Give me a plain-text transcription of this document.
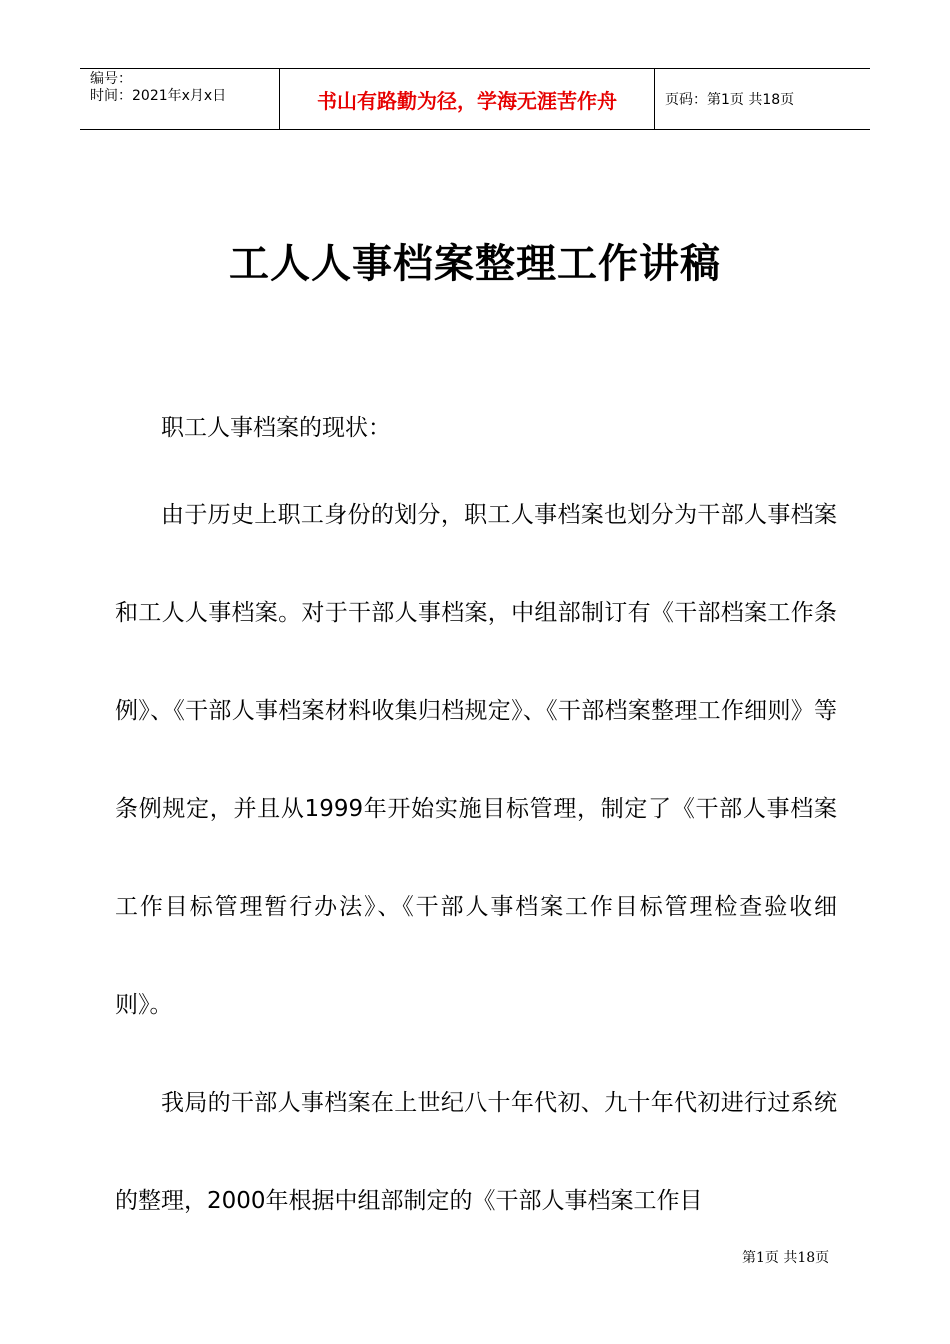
编号：
时间：2021年x月x日	书山有路勤为径，学海无涯苦作舟	页码：第1页 共18页
工人人事档案整理工作讲稿

职工人事档案的现状：

由于历史上职工身份的划分，职工人事档案也划分为干部人事档案和工人人事档案。对于干部人事档案，中组部制订有《干部档案工作条例》、《干部人事档案材料收集归档规定》、《干部档案整理工作细则》等条例规定，并且从1999年开始实施目标管理，制定了《干部人事档案工作目标管理暂行办法》、《干部人事档案工作目标管理检查验收细则》。

我局的干部人事档案在上世纪八十年代初、九十年代初进行过系统的整理，2000年根据中组部制定的《干部人事档案工作目

第1页 共18页
